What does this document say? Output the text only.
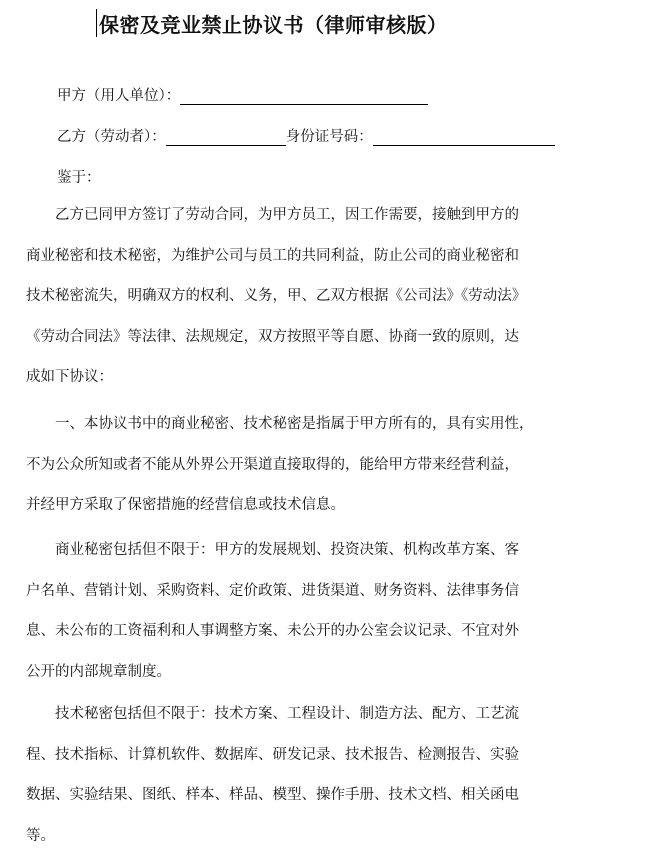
保密及竞业禁止协议书（律师审核版）
甲方（用人单位）：
乙方（劳动者）：	身份证号码：
鉴于：
　　乙方已同甲方签订了劳动合同，为甲方员工，因工作需要，接触到甲方的
商业秘密和技术秘密，为维护公司与员工的共同利益，防止公司的商业秘密和
技术秘密流失，明确双方的权利、义务，甲、乙双方根据《公司法》《劳动法》
《劳动合同法》等法律、法规规定，双方按照平等自愿、协商一致的原则，达
成如下协议：
　　一、本协议书中的商业秘密、技术秘密是指属于甲方所有的，具有实用性，
不为公众所知或者不能从外界公开渠道直接取得的，能给甲方带来经营利益，
并经甲方采取了保密措施的经营信息或技术信息。
　　商业秘密包括但不限于：甲方的发展规划、投资决策、机构改革方案、客
户名单、营销计划、采购资料、定价政策、进货渠道、财务资料、法律事务信
息、未公布的工资福利和人事调整方案、未公开的办公室会议记录、不宜对外
公开的内部规章制度。
　　技术秘密包括但不限于：技术方案、工程设计、制造方法、配方、工艺流
程、技术指标、计算机软件、数据库、研发记录、技术报告、检测报告、实验
数据、实验结果、图纸、样本、样品、模型、操作手册、技术文档、相关函电
等。
